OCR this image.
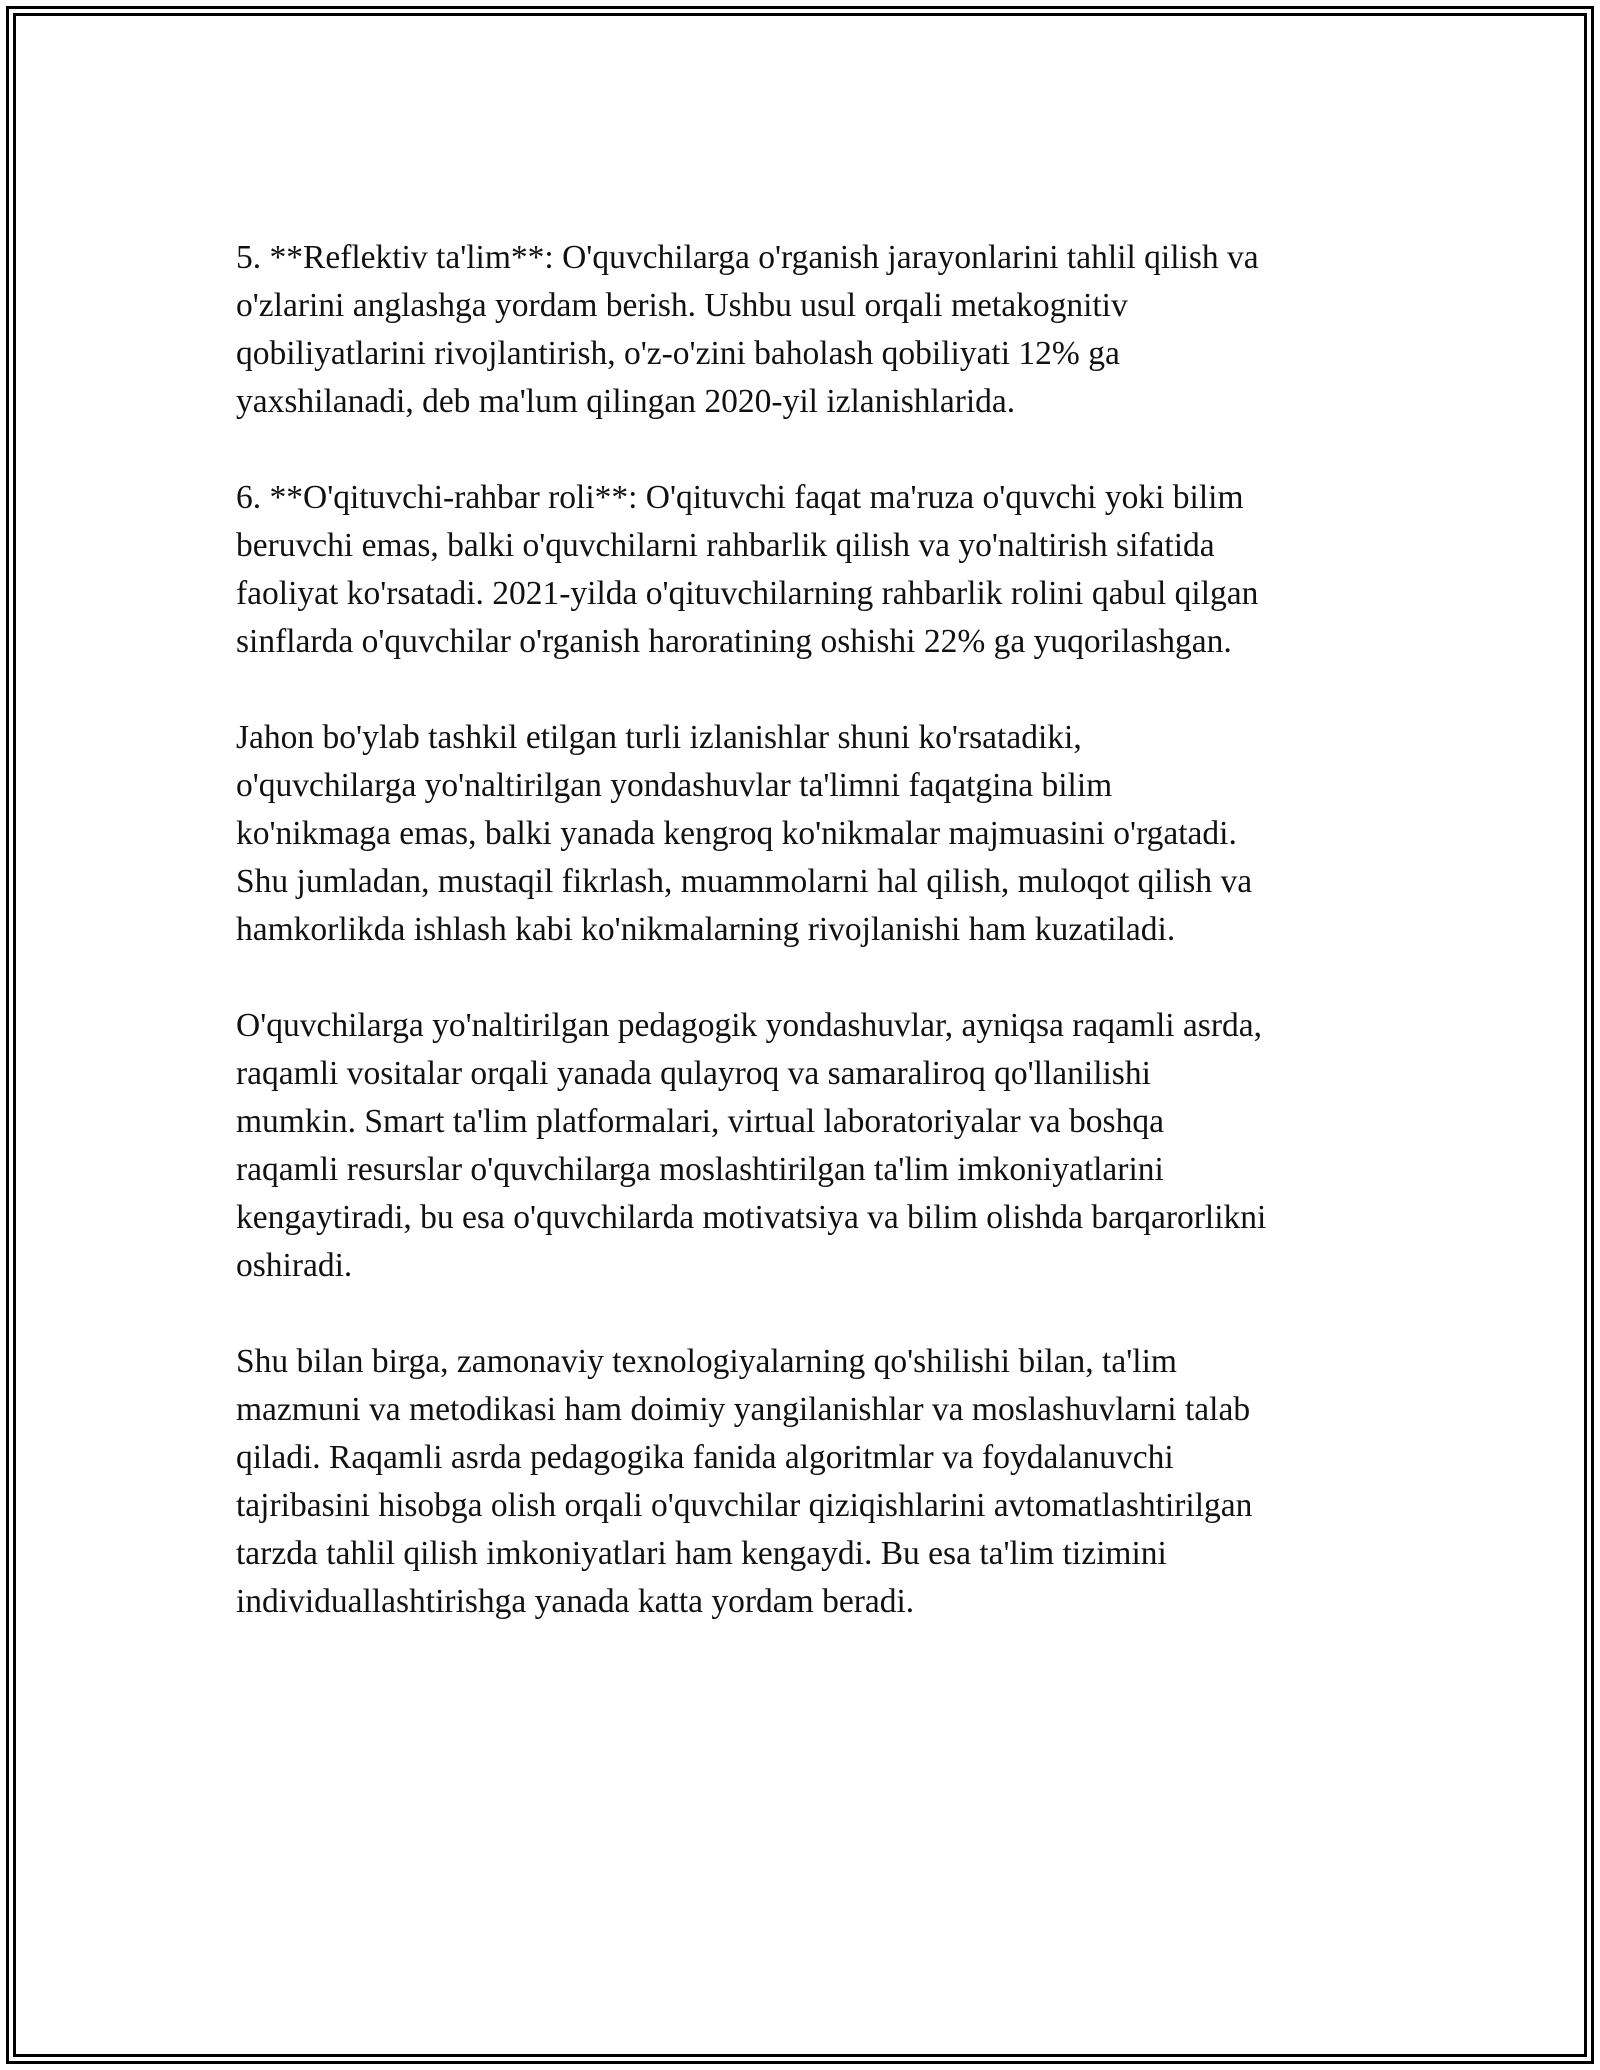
5. **Reflektiv ta'lim**: O'quvchilarga o'rganish jarayonlarini tahlil qilish va
o'zlarini anglashga yordam berish. Ushbu usul orqali metakognitiv
qobiliyatlarini rivojlantirish, o'z-o'zini baholash qobiliyati 12% ga
yaxshilanadi, deb ma'lum qilingan 2020-yil izlanishlarida.

6. **O'qituvchi-rahbar roli**: O'qituvchi faqat ma'ruza o'quvchi yoki bilim
beruvchi emas, balki o'quvchilarni rahbarlik qilish va yo'naltirish sifatida
faoliyat ko'rsatadi. 2021-yilda o'qituvchilarning rahbarlik rolini qabul qilgan
sinflarda o'quvchilar o'rganish haroratining oshishi 22% ga yuqorilashgan.

Jahon bo'ylab tashkil etilgan turli izlanishlar shuni ko'rsatadiki,
o'quvchilarga yo'naltirilgan yondashuvlar ta'limni faqatgina bilim
ko'nikmaga emas, balki yanada kengroq ko'nikmalar majmuasini o'rgatadi.
Shu jumladan, mustaqil fikrlash, muammolarni hal qilish, muloqot qilish va
hamkorlikda ishlash kabi ko'nikmalarning rivojlanishi ham kuzatiladi.

O'quvchilarga yo'naltirilgan pedagogik yondashuvlar, ayniqsa raqamli asrda,
raqamli vositalar orqali yanada qulayroq va samaraliroq qo'llanilishi
mumkin. Smart ta'lim platformalari, virtual laboratoriyalar va boshqa
raqamli resurslar o'quvchilarga moslashtirilgan ta'lim imkoniyatlarini
kengaytiradi, bu esa o'quvchilarda motivatsiya va bilim olishda barqarorlikni
oshiradi.

Shu bilan birga, zamonaviy texnologiyalarning qo'shilishi bilan, ta'lim
mazmuni va metodikasi ham doimiy yangilanishlar va moslashuvlarni talab
qiladi. Raqamli asrda pedagogika fanida algoritmlar va foydalanuvchi
tajribasini hisobga olish orqali o'quvchilar qiziqishlarini avtomatlashtirilgan
tarzda tahlil qilish imkoniyatlari ham kengaydi. Bu esa ta'lim tizimini
individuallashtirishga yanada katta yordam beradi.
